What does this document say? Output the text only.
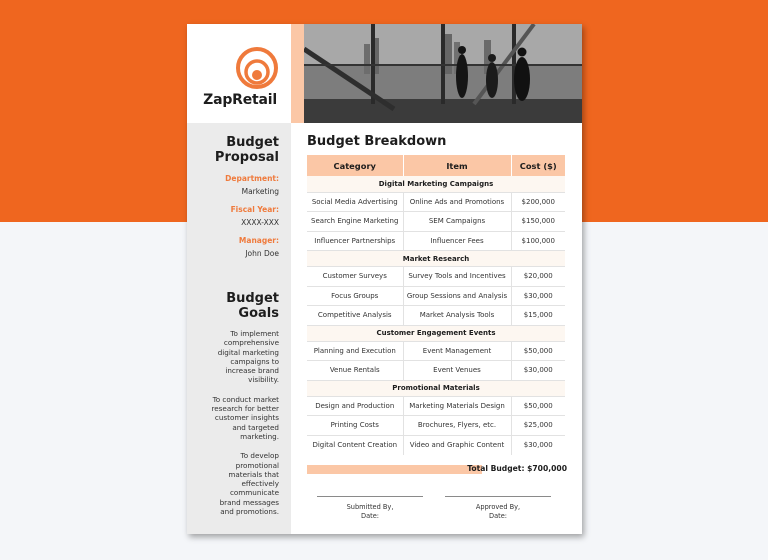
ZapRetail
Budget
Proposal
Department:
Marketing
Fiscal Year:
XXXX-XXX
Manager:
John Doe
Budget Goals
To implement comprehensive digital marketing campaigns to increase brand visibility.
To conduct market research for better customer insights and targeted marketing.
To develop promotional materials that effectively communicate brand messages and promotions.
Budget Breakdown
Category	Item	Cost ($)
Digital Marketing Campaigns		
Social Media Advertising	Online Ads and Promotions	$200,000
Search Engine Marketing	SEM Campaigns	$150,000
Influencer Partnerships	Influencer Fees	$100,000
Market Research		
Customer Surveys	Survey Tools and Incentives	$20,000
Focus Groups	Group Sessions and Analysis	$30,000
Competitive Analysis	Market Analysis Tools	$15,000
Customer Engagement Events		
Planning and Execution	Event Management	$50,000
Venue Rentals	Event Venues	$30,000
Promotional Materials		
Design and Production	Marketing Materials Design	$50,000
Printing Costs	Brochures, Flyers, etc.	$25,000
Digital Content Creation	Video and Graphic Content	$30,000
Total Budget: $700,000
Submitted By,
Date:
Approved By,
Date:
